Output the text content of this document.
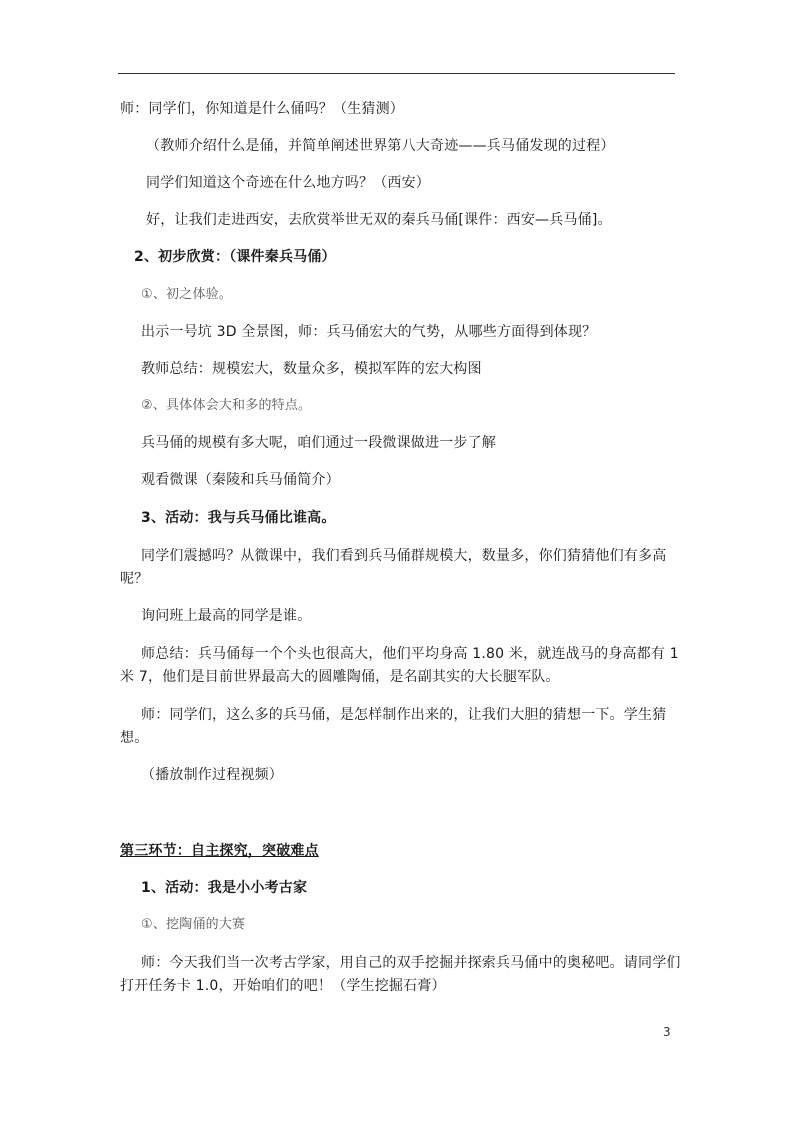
师：同学们，你知道是什么俑吗？（生猜测）
（教师介绍什么是俑，并简单阐述世界第八大奇迹——兵马俑发现的过程）
同学们知道这个奇迹在什么地方吗？（西安）
好，让我们走进西安，去欣赏举世无双的秦兵马俑[课件：西安—兵马俑]。
2、初步欣赏：（课件秦兵马俑）
①、初之体验。
出示一号坑 3D 全景图，师：兵马俑宏大的气势，从哪些方面得到体现？
教师总结：规模宏大，数量众多，模拟军阵的宏大构图
②、具体体会大和多的特点。
兵马俑的规模有多大呢，咱们通过一段微课做进一步了解
观看微课（秦陵和兵马俑简介）
3、活动：我与兵马俑比谁高。
同学们震撼吗？从微课中，我们看到兵马俑群规模大，数量多，你们猜猜他们有多高
呢？
询问班上最高的同学是谁。
师总结：兵马俑每一个个头也很高大，他们平均身高 1.80 米，就连战马的身高都有 1
米 7，他们是目前世界最高大的圆雕陶俑，是名副其实的大长腿军队。
师：同学们，这么多的兵马俑，是怎样制作出来的，让我们大胆的猜想一下。学生猜
想。
（播放制作过程视频）
第三环节：自主探究，突破难点
1、活动：我是小小考古家
①、挖陶俑的大赛
师：今天我们当一次考古学家，用自己的双手挖掘并探索兵马俑中的奥秘吧。请同学们
打开任务卡 1.0，开始咱们的吧！（学生挖掘石膏）
3
